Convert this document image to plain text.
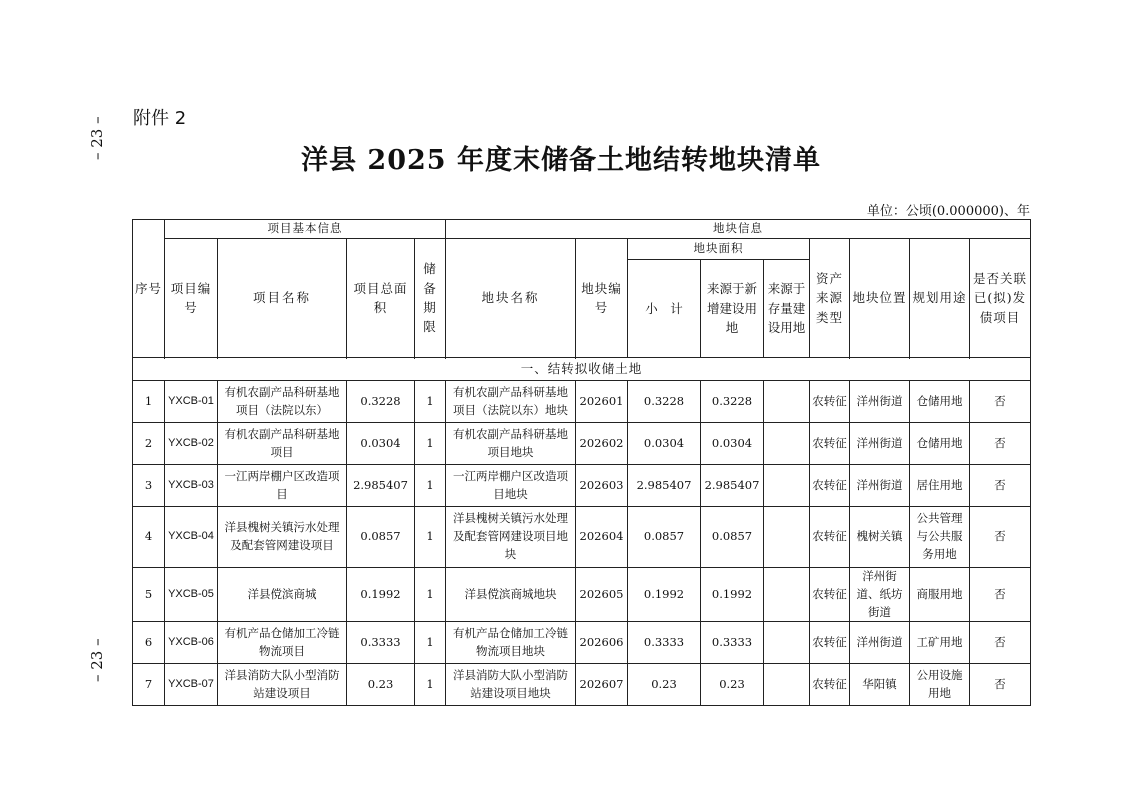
– 23 –
– 23 –
附件 2
洋县 2025 年度末储备土地结转地块清单
单位：公顷(0.000000)、年
序号	项目基本信息				地块信息								
	项目编号	项目名称	项目总面积	储备期限	地块名称	地块编号	地块面积			资产来源类型	地块位置	规划用途	是否关联已(拟)发债项目
							小　计	来源于新增建设用地	来源于存量建设用地				

一、结转拟收储土地													
1	YXCB-01	有机农副产品科研基地项目（法院以东）	0.3228	1	有机农副产品科研基地项目（法院以东）地块	202601	0.3228	0.3228		农转征	洋州街道	仓储用地	否
2	YXCB-02	有机农副产品科研基地项目	0.0304	1	有机农副产品科研基地项目地块	202602	0.0304	0.0304		农转征	洋州街道	仓储用地	否
3	YXCB-03	一江两岸棚户区改造项目	2.985407	1	一江两岸棚户区改造项目地块	202603	2.985407	2.985407		农转征	洋州街道	居住用地	否
4	YXCB-04	洋县槐树关镇污水处理及配套管网建设项目	0.0857	1	洋县槐树关镇污水处理及配套管网建设项目地块	202604	0.0857	0.0857		农转征	槐树关镇	公共管理与公共服务用地	否
5	YXCB-05	洋县傥滨商城	0.1992	1	洋县傥滨商城地块	202605	0.1992	0.1992		农转征	洋州街道、纸坊街道	商服用地	否
6	YXCB-06	有机产品仓储加工冷链物流项目	0.3333	1	有机产品仓储加工冷链物流项目地块	202606	0.3333	0.3333		农转征	洋州街道	工矿用地	否
7	YXCB-07	洋县消防大队小型消防站建设项目	0.23	1	洋县消防大队小型消防站建设项目地块	202607	0.23	0.23		农转征	华阳镇	公用设施用地	否
